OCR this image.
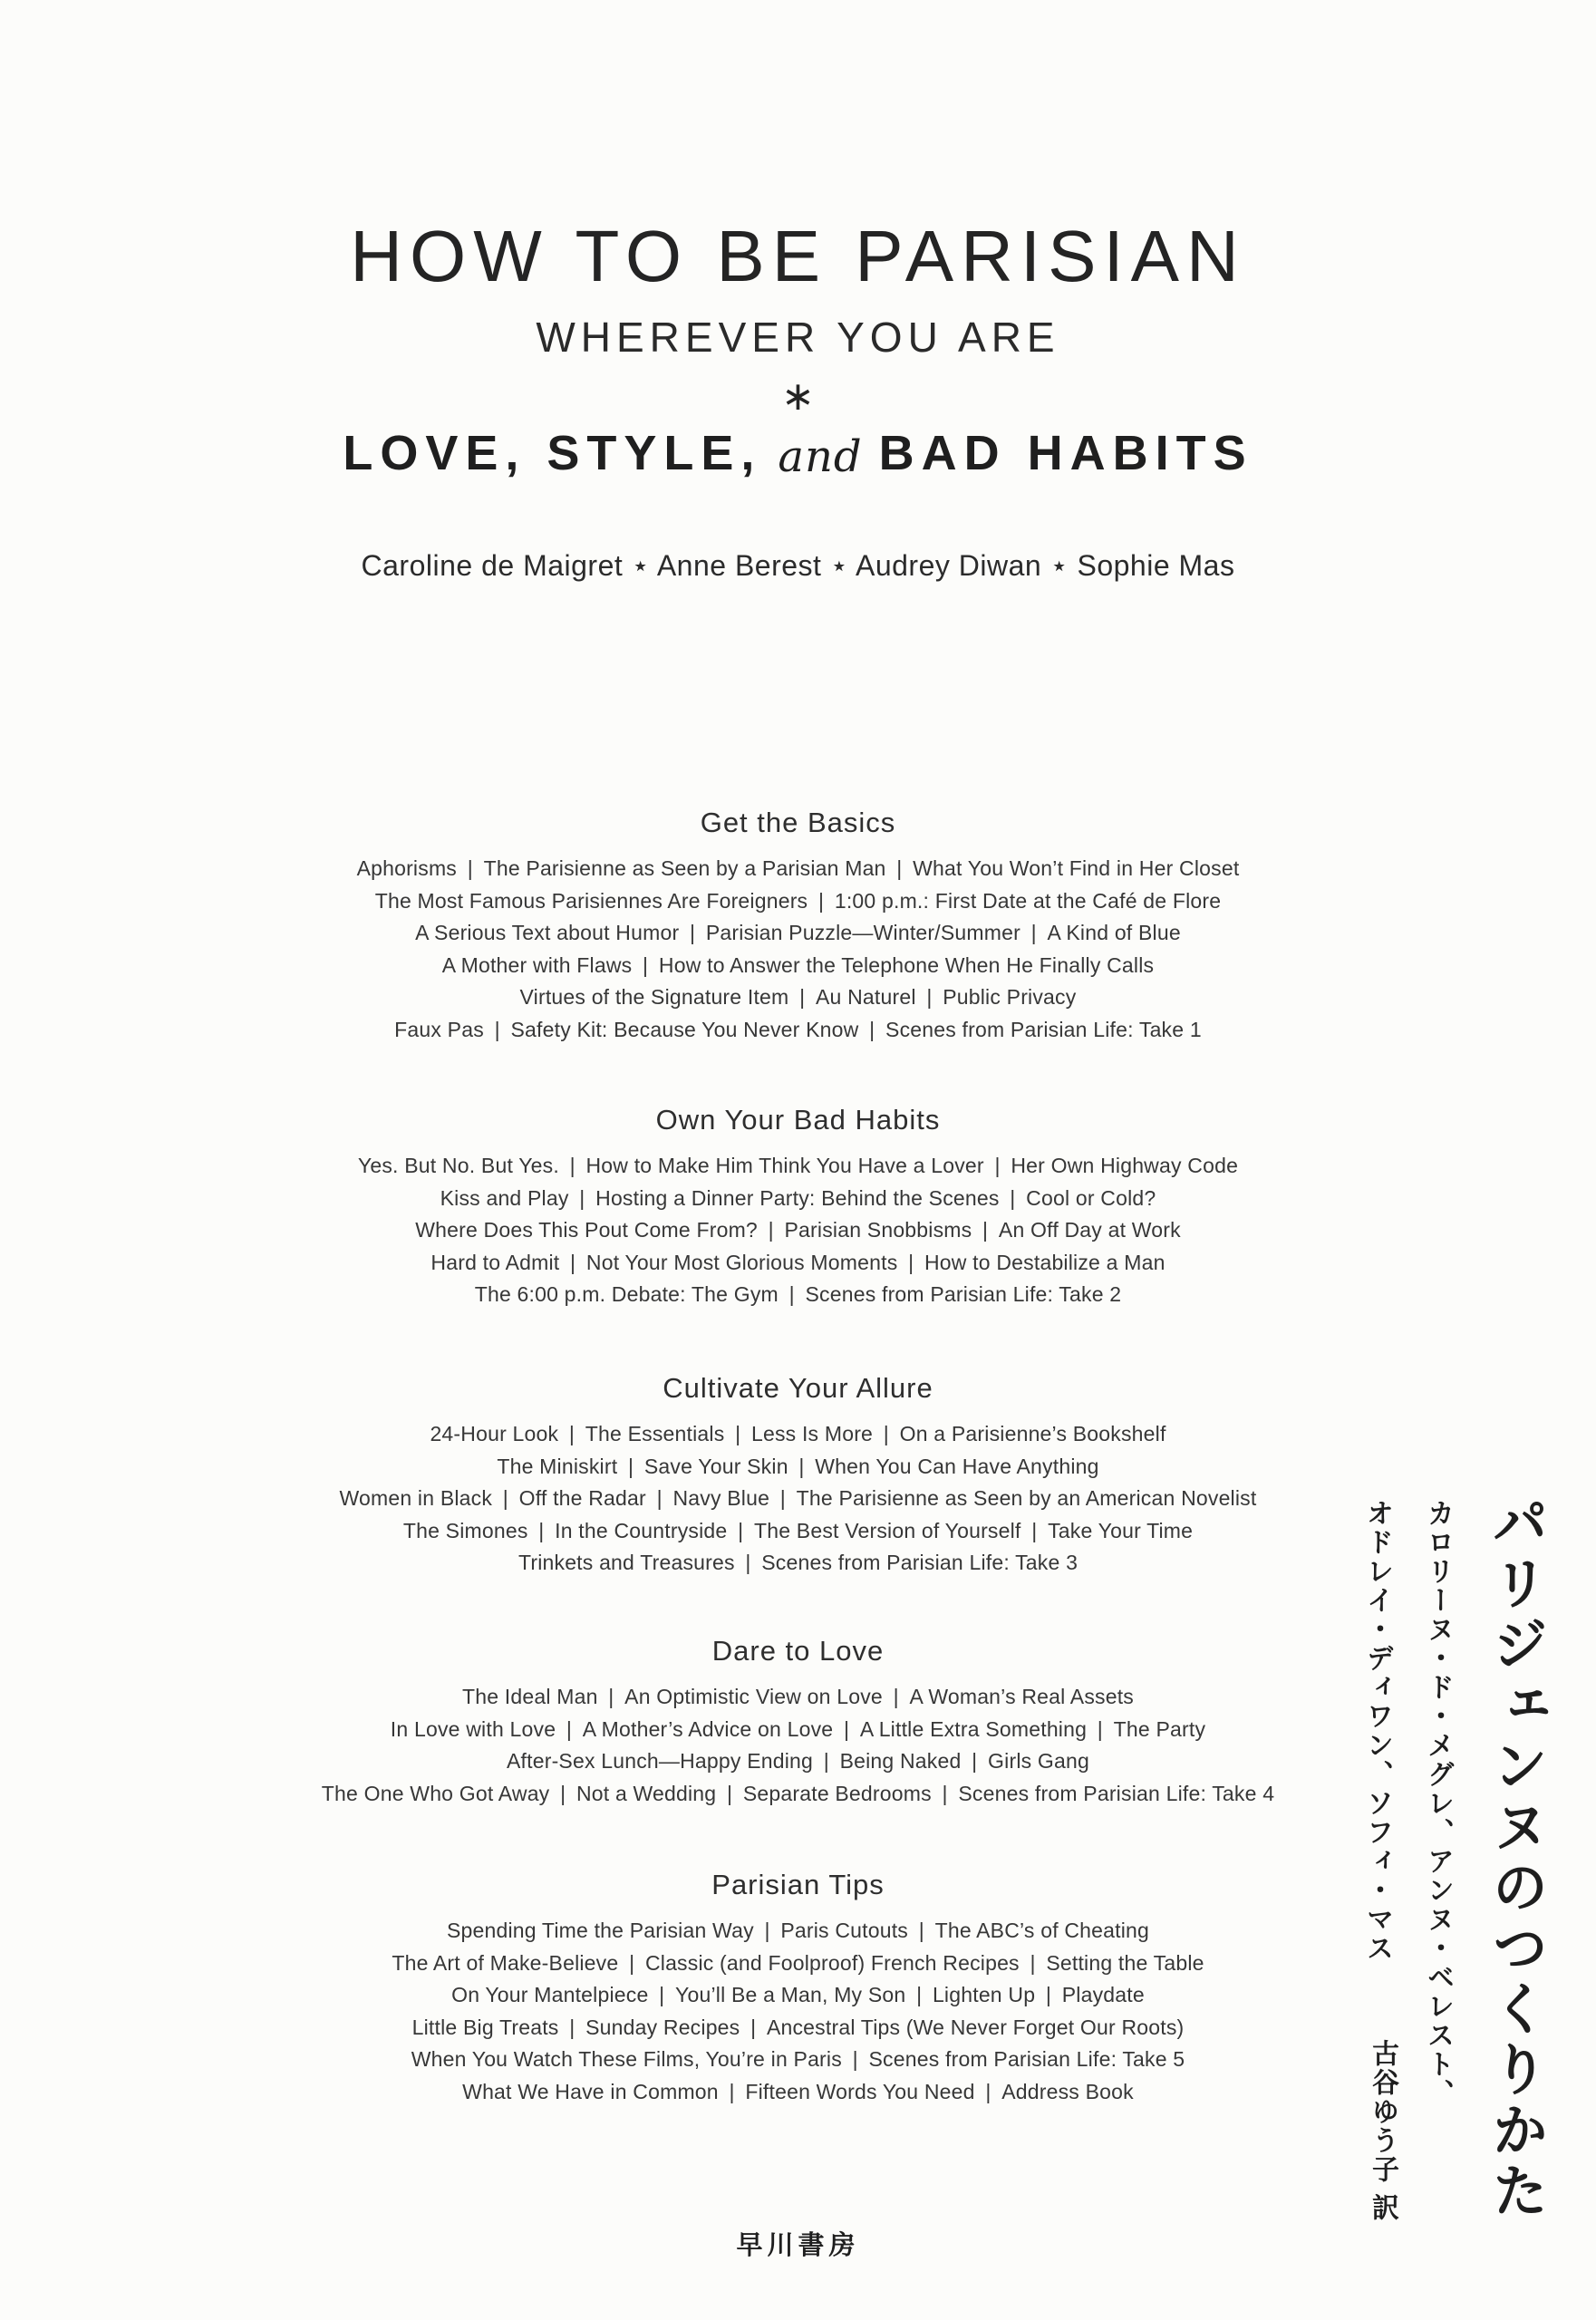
HOW TO BE PARISIAN
WHEREVER YOU ARE
∗
LOVE, STYLE, and BAD HABITS
Caroline de Maigret ⋆ Anne Berest ⋆ Audrey Diwan ⋆ Sophie Mas
Get the Basics
Aphorisms | The Parisienne as Seen by a Parisian Man | What You Won’t Find in Her Closet
The Most Famous Parisiennes Are Foreigners | 1:00 p.m.: First Date at the Café de Flore
A Serious Text about Humor | Parisian Puzzle—Winter/Summer | A Kind of Blue
A Mother with Flaws | How to Answer the Telephone When He Finally Calls
Virtues of the Signature Item | Au Naturel | Public Privacy
Faux Pas | Safety Kit: Because You Never Know | Scenes from Parisian Life: Take 1
Own Your Bad Habits
Yes. But No. But Yes. | How to Make Him Think You Have a Lover | Her Own Highway Code
Kiss and Play | Hosting a Dinner Party: Behind the Scenes | Cool or Cold?
Where Does This Pout Come From? | Parisian Snobbisms | An Off Day at Work
Hard to Admit | Not Your Most Glorious Moments | How to Destabilize a Man
The 6:00 p.m. Debate: The Gym | Scenes from Parisian Life: Take 2
Cultivate Your Allure
24-Hour Look | The Essentials | Less Is More | On a Parisienne’s Bookshelf
The Miniskirt | Save Your Skin | When You Can Have Anything
Women in Black | Off the Radar | Navy Blue | The Parisienne as Seen by an American Novelist
The Simones | In the Countryside | The Best Version of Yourself | Take Your Time
Trinkets and Treasures | Scenes from Parisian Life: Take 3
Dare to Love
The Ideal Man | An Optimistic View on Love | A Woman’s Real Assets
In Love with Love | A Mother’s Advice on Love | A Little Extra Something | The Party
After-Sex Lunch—Happy Ending | Being Naked | Girls Gang
The One Who Got Away | Not a Wedding | Separate Bedrooms | Scenes from Parisian Life: Take 4
Parisian Tips
Spending Time the Parisian Way | Paris Cutouts | The ABC’s of Cheating
The Art of Make-Believe | Classic (and Foolproof) French Recipes | Setting the Table
On Your Mantelpiece | You’ll Be a Man, My Son | Lighten Up | Playdate
Little Big Treats | Sunday Recipes | Ancestral Tips (We Never Forget Our Roots)
When You Watch These Films, You’re in Paris | Scenes from Parisian Life: Take 5
What We Have in Common | Fifteen Words You Need | Address Book	パリジェンヌのつくりかた
カロリーヌ・ド・メグレ、アンヌ・ベレスト、
オドレイ・ディワン、ソフィ・マス
古谷ゆう子 訳
早川書房
